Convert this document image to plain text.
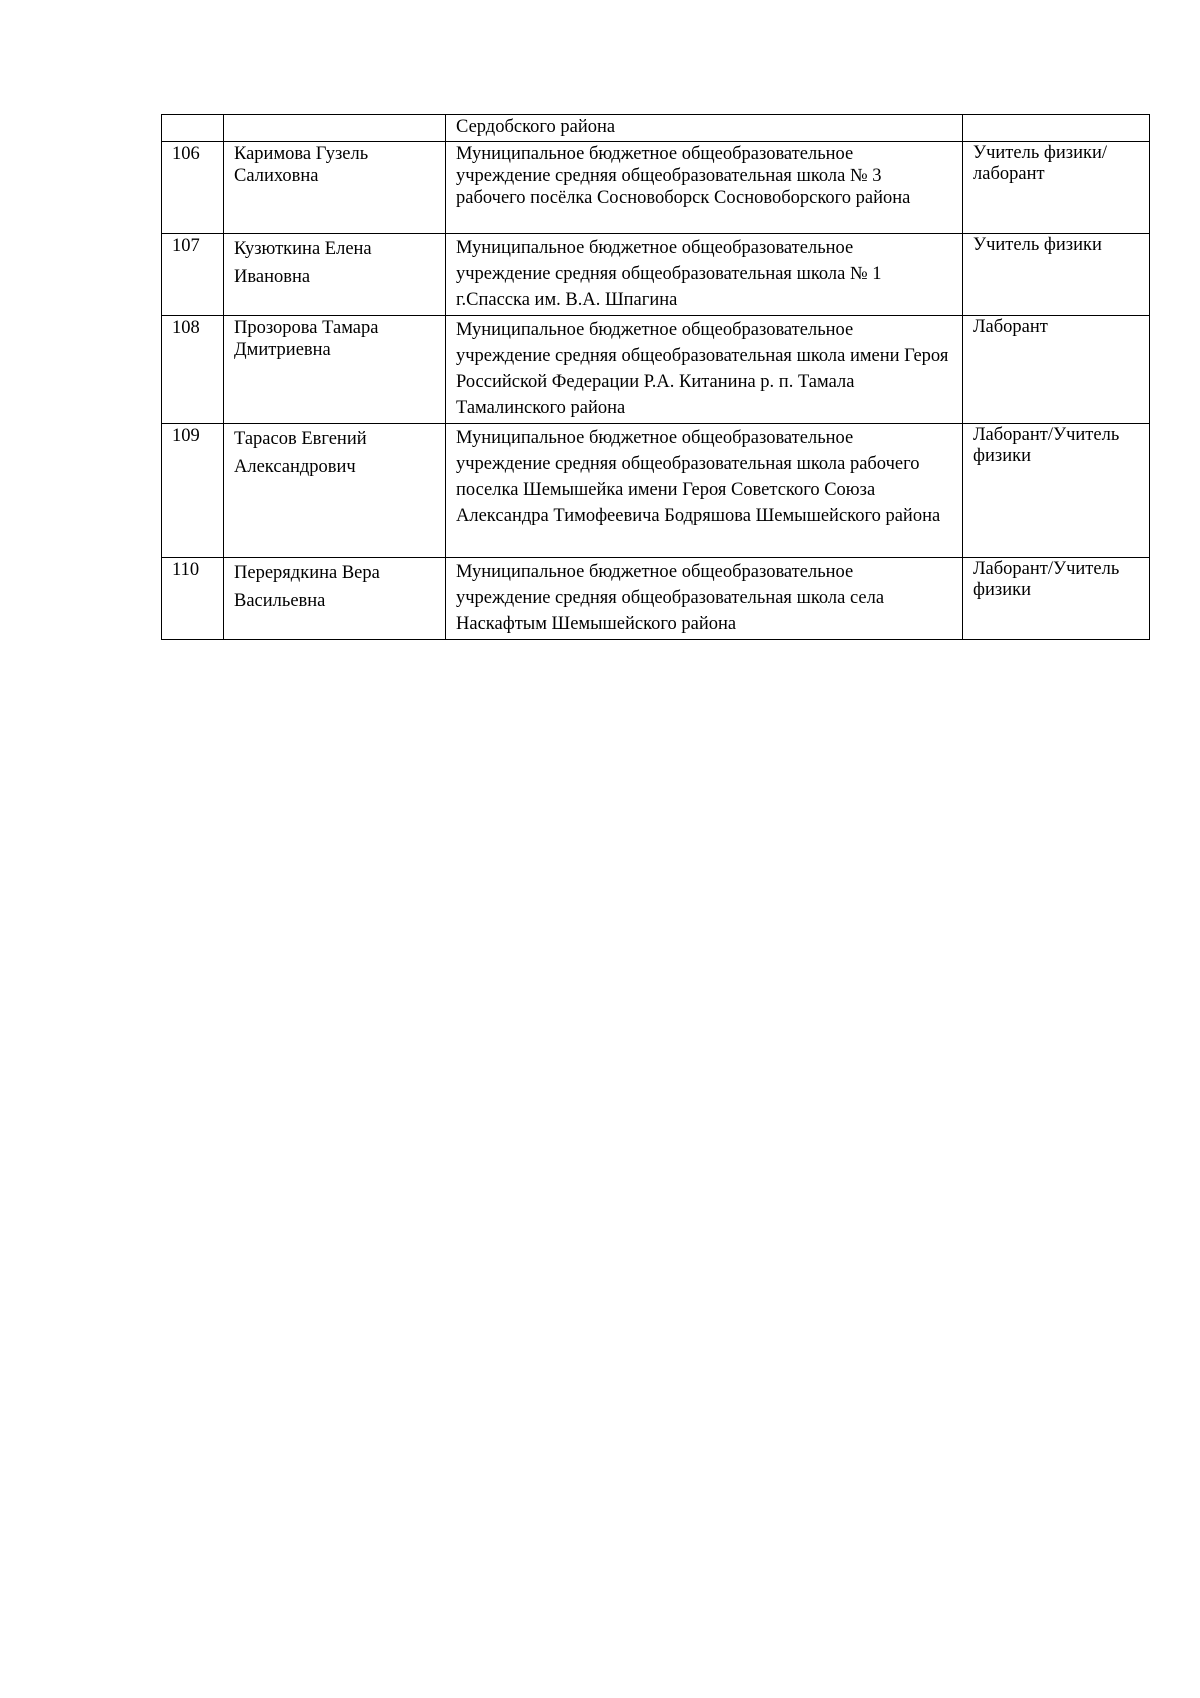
		Сердобского района	
106	Каримова Гузель Салиховна	Муниципальное бюджетное общеобразовательное учреждение средняя общеобразовательная школа № 3 рабочего посёлка Сосновоборск Сосновоборского района	Учитель физики/лаборант
107	Кузюткина Елена Ивановна	Муниципальное бюджетное общеобразовательное учреждение средняя общеобразовательная школа № 1 г.Спасска им. В.А. Шпагина	Учитель физики
108	Прозорова Тамара Дмитриевна	Муниципальное бюджетное общеобразовательное учреждение средняя общеобразовательная школа имени Героя Российской Федерации Р.А. Китанина р. п. Тамала Тамалинского района	Лаборант
109	Тарасов Евгений Александрович	Муниципальное бюджетное общеобразовательное учреждение средняя общеобразовательная школа рабочего поселка Шемышейка имени Героя Советского Союза Александра Тимофеевича Бодряшова Шемышейского района	Лаборант/Учитель физики
110	Перерядкина Вера Васильевна	Муниципальное бюджетное общеобразовательное учреждение средняя общеобразовательная школа села Наскафтым Шемышейского района	Лаборант/Учитель физики
